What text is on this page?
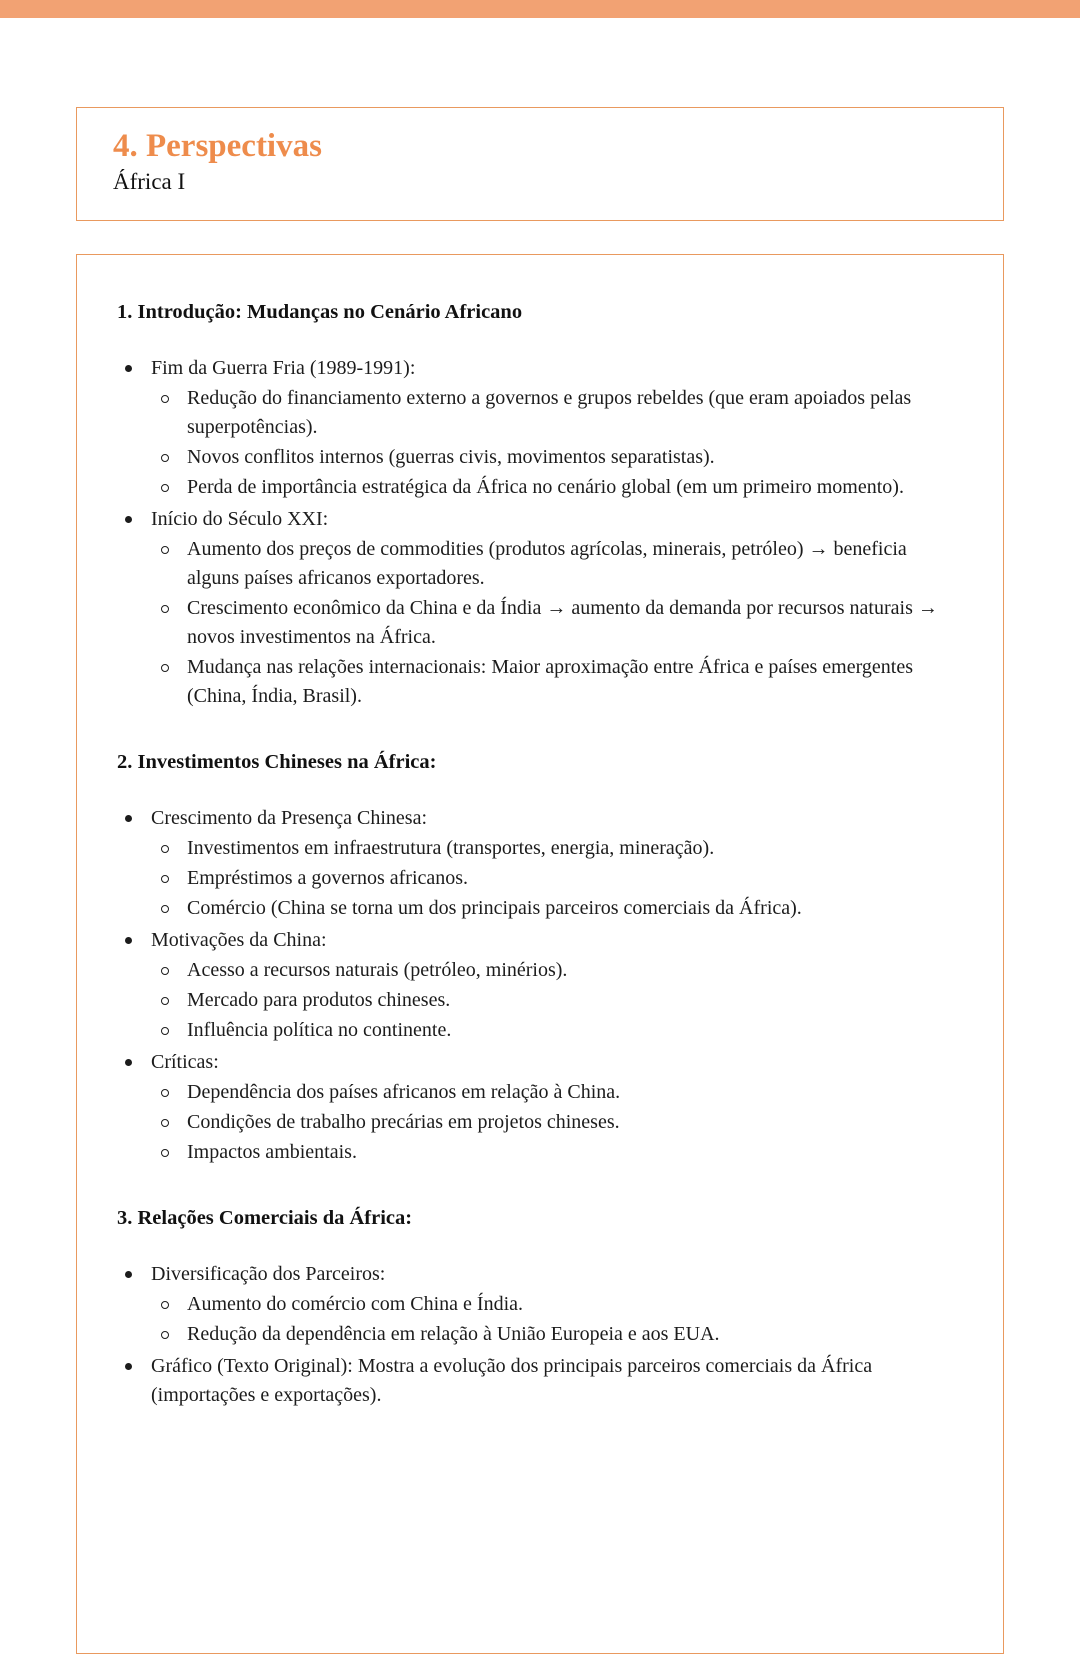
4. Perspectivas
África I
1. Introdução: Mudanças no Cenário Africano
Fim da Guerra Fria (1989-1991):
Redução do financiamento externo a governos e grupos rebeldes (que eram apoiados pelas superpotências).
Novos conflitos internos (guerras civis, movimentos separatistas).
Perda de importância estratégica da África no cenário global (em um primeiro momento).
Início do Século XXI:
Aumento dos preços de commodities (produtos agrícolas, minerais, petróleo) → beneficia alguns países africanos exportadores.
Crescimento econômico da China e da Índia → aumento da demanda por recursos naturais → novos investimentos na África.
Mudança nas relações internacionais: Maior aproximação entre África e países emergentes (China, Índia, Brasil).
2. Investimentos Chineses na África:
Crescimento da Presença Chinesa:
Investimentos em infraestrutura (transportes, energia, mineração).
Empréstimos a governos africanos.
Comércio (China se torna um dos principais parceiros comerciais da África).
Motivações da China:
Acesso a recursos naturais (petróleo, minérios).
Mercado para produtos chineses.
Influência política no continente.
Críticas:
Dependência dos países africanos em relação à China.
Condições de trabalho precárias em projetos chineses.
Impactos ambientais.
3. Relações Comerciais da África:
Diversificação dos Parceiros:
Aumento do comércio com China e Índia.
Redução da dependência em relação à União Europeia e aos EUA.
Gráfico (Texto Original): Mostra a evolução dos principais parceiros comerciais da África (importações e exportações).
